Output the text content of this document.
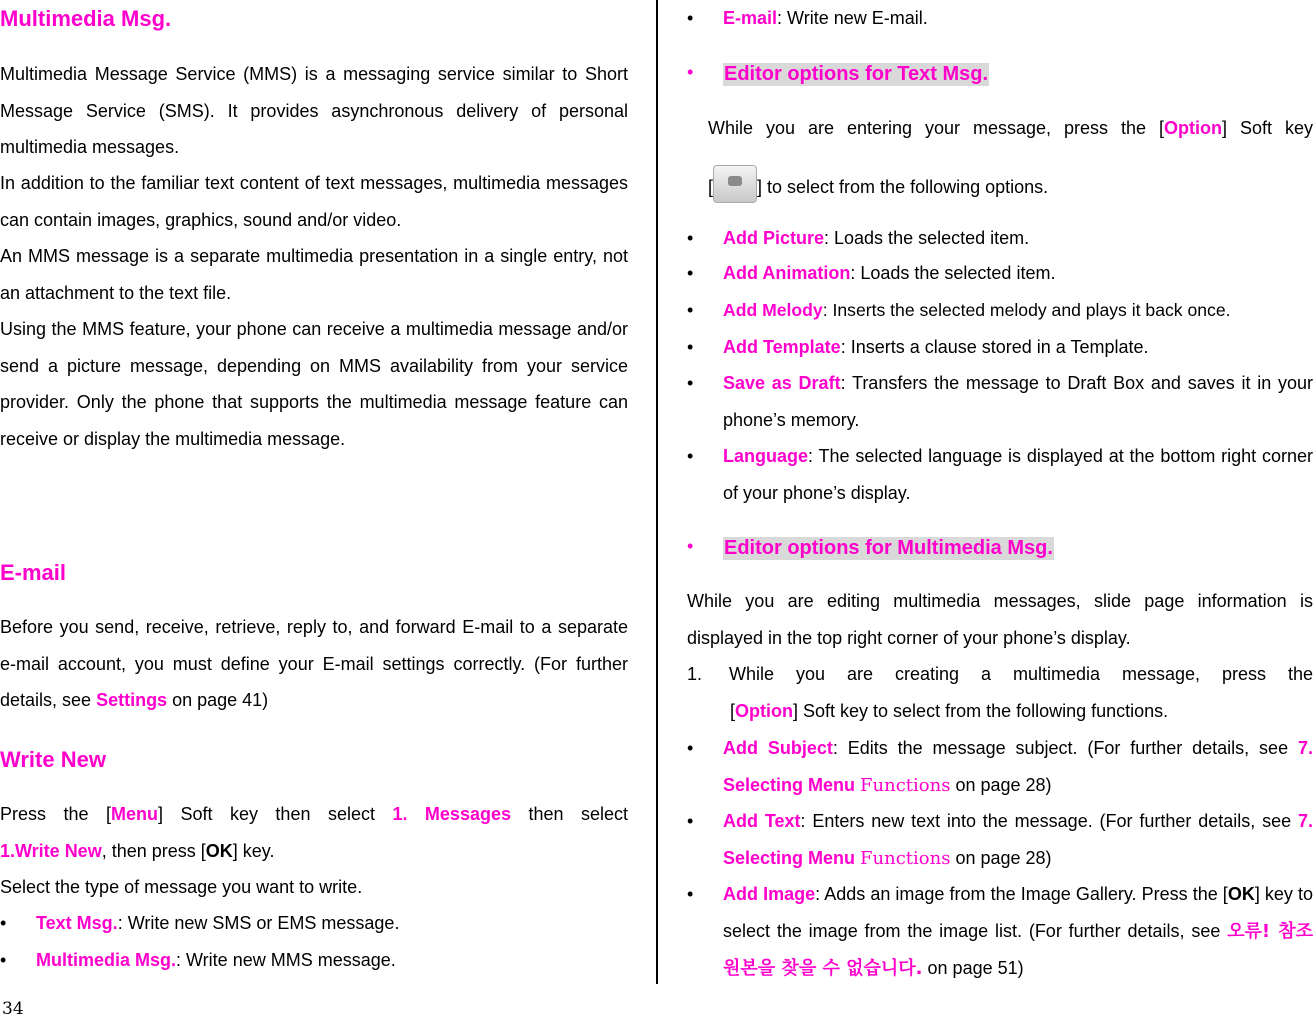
34
Multimedia Msg.

Multimedia Message Service (MMS) is a messaging service similar to Short Message Service (SMS). It provides asynchronous delivery of personal multimedia messages.

In addition to the familiar text content of text messages, multimedia messages can contain images, graphics, sound and/or video.

An MMS message is a separate multimedia presentation in a single entry, not an attachment to the text file.

Using the MMS feature, your phone can receive a multimedia message and/or send a picture message, depending on MMS availability from your service provider. Only the phone that supports the multimedia message feature can receive or display the multimedia message.

E-mail

Before you send, receive, retrieve, reply to, and forward E-mail to a separate e-mail account, you must define your E-mail settings correctly. (For further details, see Settings on page 41)

Write New
Press the [Menu] Soft key then select 1. Messages then select
1.Write New, then press [OK] key.
Select the type of message you want to write.
• Text Msg.: Write new SMS or EMS message.
• Multimedia Msg.: Write new MMS message.
• E-mail: Write new E-mail.
• Editor options for Text Msg.
While you are entering your message, press the [Option] Soft key
[ ] to select from the following options.
• Add Picture: Loads the selected item.
• Add Animation: Loads the selected item.
• Add Melody: Inserts the selected melody and plays it back once.
• Add Template: Inserts a clause stored in a Template.
• Save as Draft: Transfers the message to Draft Box and saves it in your phone’s memory.
• Language: The selected language is displayed at the bottom right corner of your phone’s display.
• Editor options for Multimedia Msg.

While you are editing multimedia messages, slide page information is displayed in the top right corner of your phone’s display.

1. While you are creating a multimedia message, press the
[Option] Soft key to select from the following functions.
• Add Subject: Edits the message subject. (For further details, see 7. Selecting Menu Functions on page 28)
• Add Text: Enters new text into the message. (For further details, see 7. Selecting Menu Functions on page 28)
• Add Image: Adds an image from the Image Gallery. Press the [OK] key to select the image from the image list. (For further details, see 오류! 참조 원본을 찾을 수 없습니다. on page 51)
